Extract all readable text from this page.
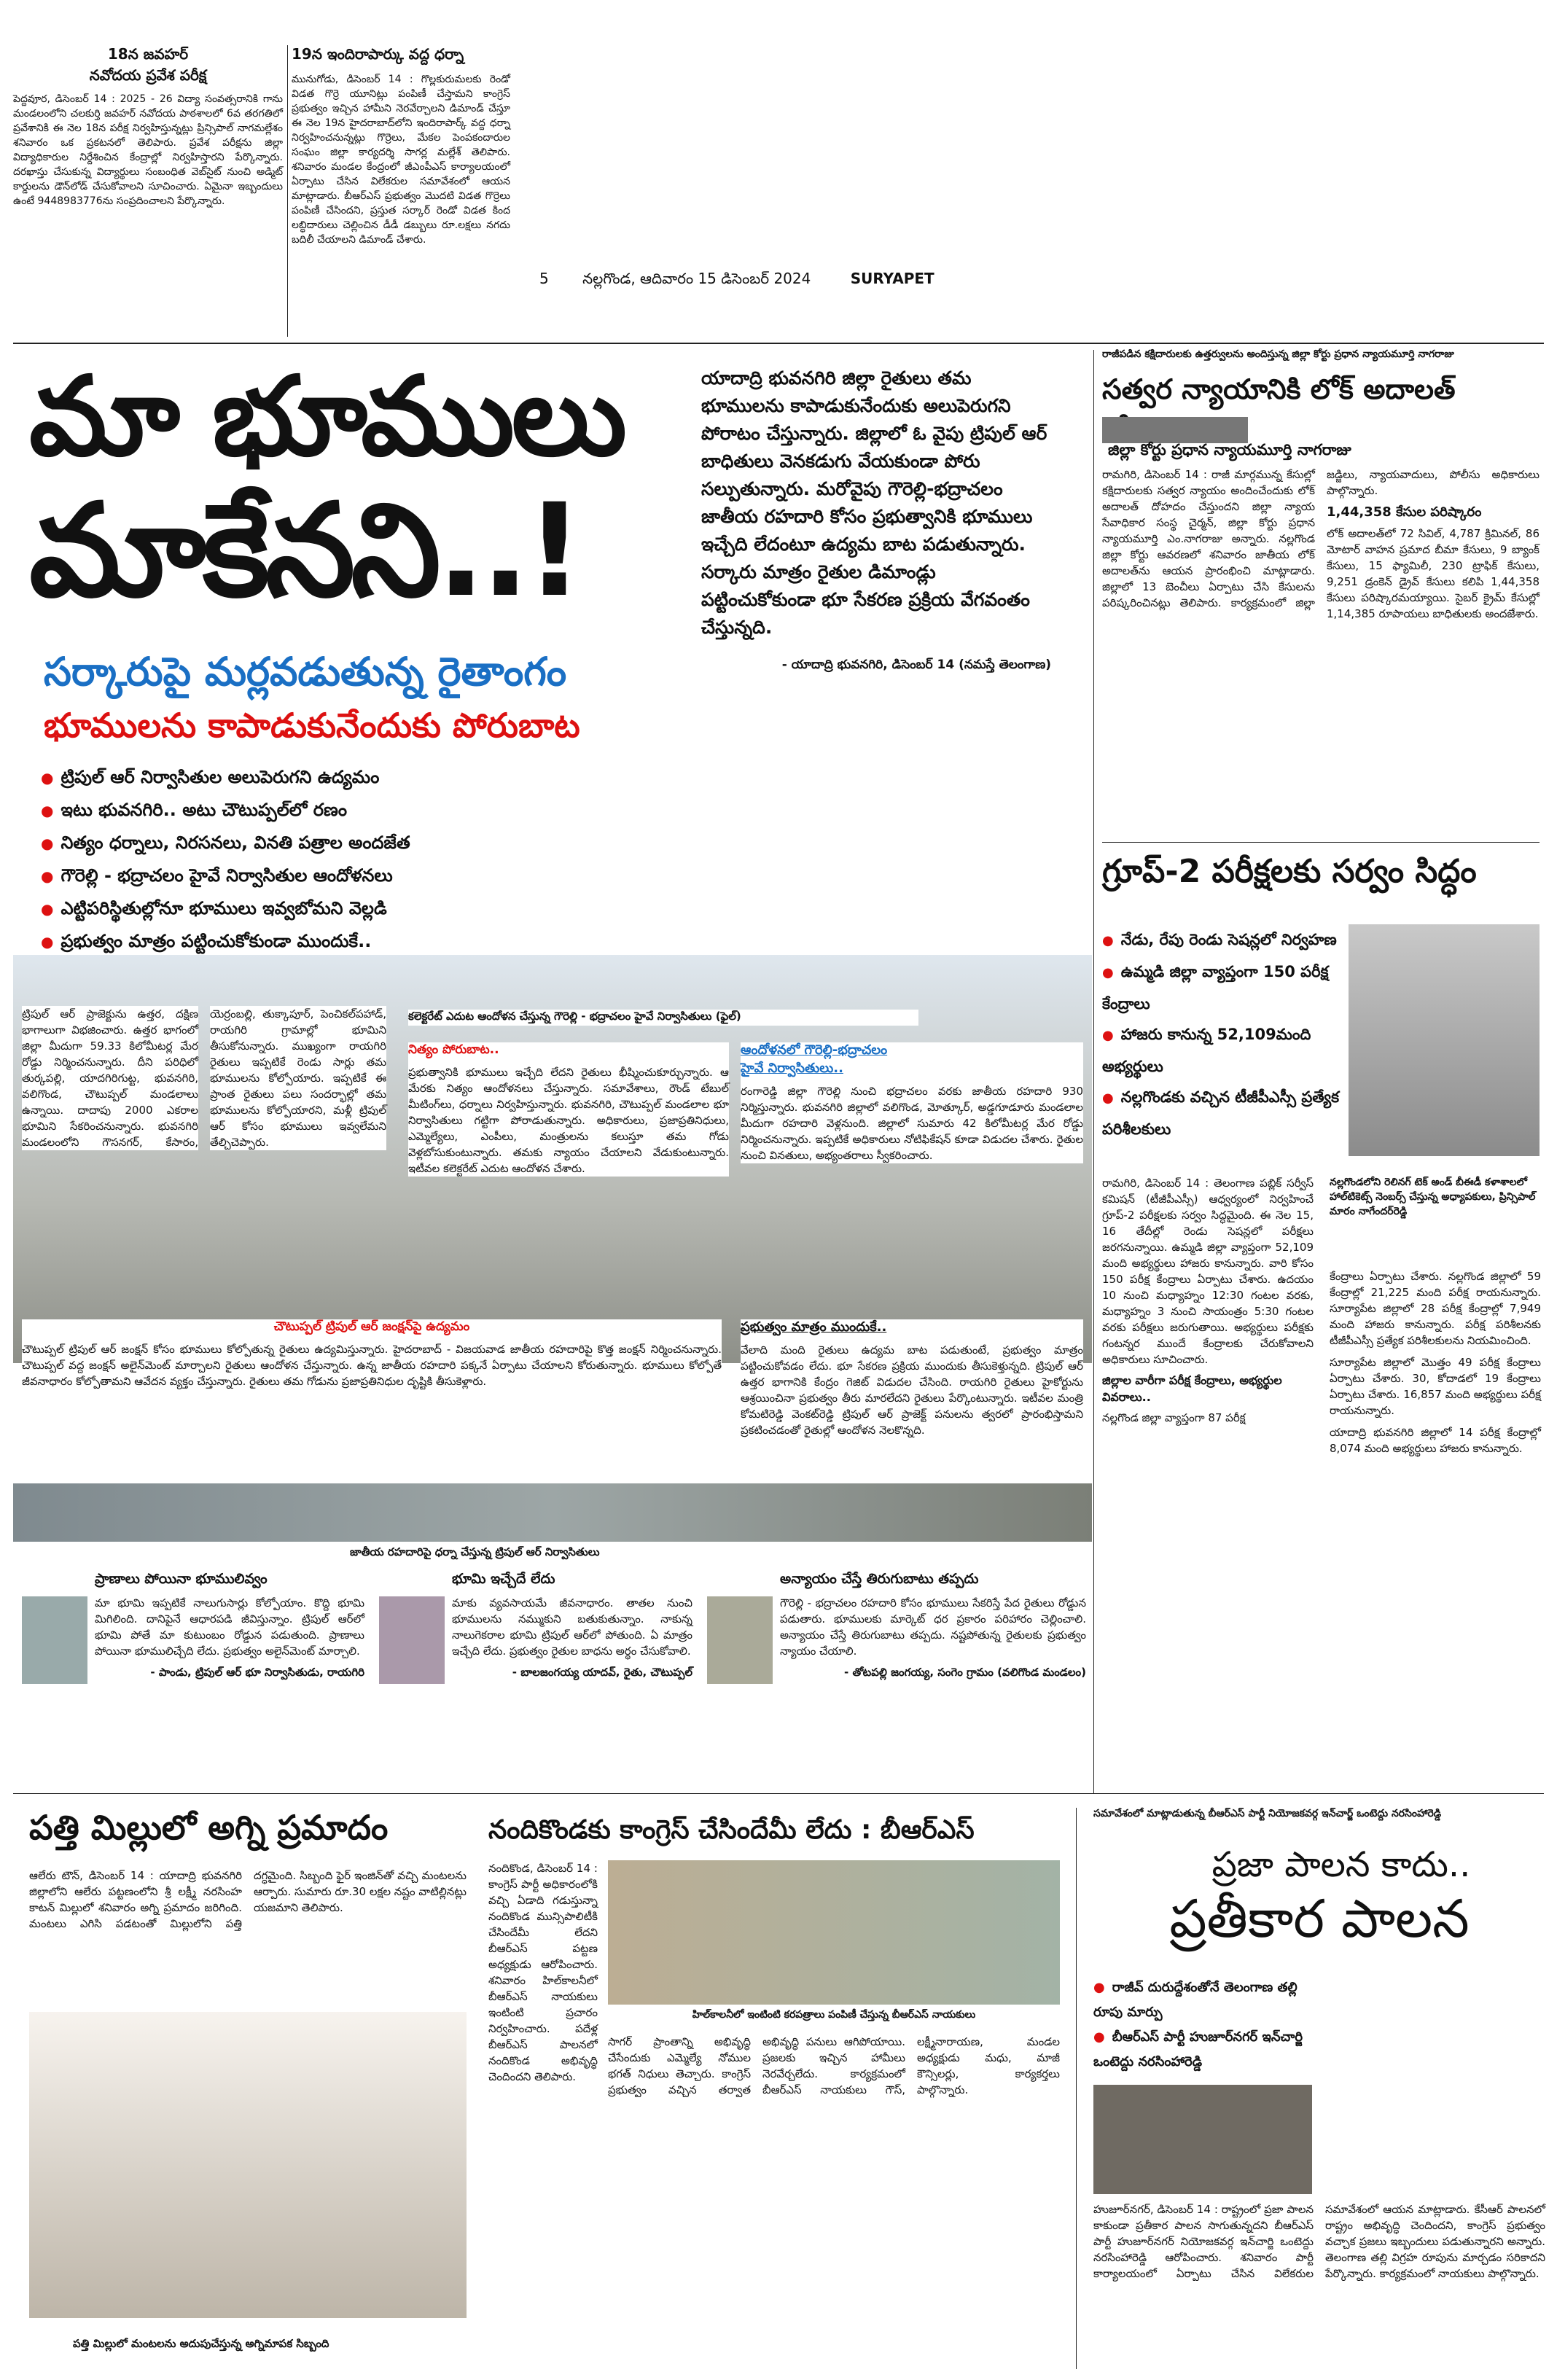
18న జవహర్

నవోదయ ప్రవేశ పరీక్ష

పెద్దవూర, డిసెంబర్ 14 : 2025 - 26 విద్యా సంవత్సరానికి గాను మండలంలోని చలకుర్తి జవహర్ నవోదయ పాఠశాలలో 6వ తరగతిలో ప్రవేశానికి ఈ నెల 18న పరీక్ష నిర్వహిస్తున్నట్లు ప్రిన్సిపాల్ నాగమల్లేశం శనివారం ఒక ప్రకటనలో తెలిపారు. ప్రవేశ పరీక్షను జిల్లా విద్యాధికారుల నిర్దేశించిన కేంద్రాల్లో నిర్వహిస్తారని పేర్కొన్నారు. దరఖాస్తు చేసుకున్న విద్యార్థులు సంబంధిత వెబ్‌సైట్ నుంచి అడ్మిట్ కార్డులను డౌన్‌లోడ్ చేసుకోవాలని సూచించారు. ఏమైనా ఇబ్బందులు ఉంటే 9448983776ను సంప్రదించాలని పేర్కొన్నారు.

19న ఇందిరాపార్కు వద్ద ధర్నా

మునుగోడు, డిసెంబర్ 14 : గొల్లకురుమలకు రెండో విడత గొర్రె యూనిట్లు పంపిణీ చేస్తామని కాంగ్రెస్ ప్రభుత్వం ఇచ్చిన హామీని నెరవేర్చాలని డిమాండ్ చేస్తూ ఈ నెల 19న హైదరాబాద్‌లోని ఇందిరాపార్క్ వద్ద ధర్నా నిర్వహించనున్నట్లు గొర్రెలు, మేకల పెంపకందారుల సంఘం జిల్లా కార్యదర్శి సాగర్ల మల్లేశ్ తెలిపారు. శనివారం మండల కేంద్రంలో జీఎంపీఎస్ కార్యాలయంలో ఏర్పాటు చేసిన విలేకరుల సమావేశంలో ఆయన మాట్లాడారు. బీఆర్ఎస్ ప్రభుత్వం మొదటి విడత గొర్రెలు పంపిణీ చేసిందని, ప్రస్తుత సర్కార్ రెండో విడత కింద లబ్ధిదారులు చెల్లించిన డీడీ డబ్బులు రూ.లక్షలు నగదు బదిలీ చేయాలని డిమాండ్ చేశారు.

5 నల్లగొండ, ఆదివారం 15 డిసెంబర్ 2024	SURYAPET
మా భూములు
మాకేనని..!
సర్కారుపై మర్లవడుతున్న రైతాంగం
భూములను కాపాడుకునేందుకు పోరుబాట
● ట్రిపుల్ ఆర్ నిర్వాసితుల అలుపెరుగని ఉద్యమం
● ఇటు భువనగిరి.. అటు చౌటుప్పల్‌లో రణం
● నిత్యం ధర్నాలు, నిరసనలు, వినతి పత్రాల అందజేత
● గౌరెల్లి - భద్రాచలం హైవే నిర్వాసితుల ఆందోళనలు
● ఎట్టిపరిస్థితుల్లోనూ భూములు ఇవ్వబోమని వెల్లడి
● ప్రభుత్వం మాత్రం పట్టించుకోకుండా ముందుకే..

యాదాద్రి భువనగిరి జిల్లా రైతులు తమ భూములను కాపాడుకునేందుకు అలుపెరుగని పోరాటం చేస్తున్నారు. జిల్లాలో ఓ వైపు ట్రిపుల్ ఆర్ బాధితులు వెనకడుగు వేయకుండా పోరు సల్పుతున్నారు. మరోవైపు గౌరెల్లి-భద్రాచలం జాతీయ రహదారి కోసం ప్రభుత్వానికి భూములు ఇచ్చేది లేదంటూ ఉద్యమ బాట పడుతున్నారు. సర్కారు మాత్రం రైతుల డిమాండ్లు పట్టించుకోకుండా భూ సేకరణ ప్రక్రియ వేగవంతం చేస్తున్నది.

- యాదాద్రి భువనగిరి, డిసెంబర్ 14 (నమస్తే తెలంగాణ)

ట్రిపుల్ ఆర్ ప్రాజెక్టును ఉత్తర, దక్షిణ భాగాలుగా విభజించారు. ఉత్తర భాగంలో జిల్లా మీదుగా 59.33 కిలోమీటర్ల మేర రోడ్డు నిర్మించనున్నారు. దీని పరిధిలో తుర్కపల్లి, యాదగిరిగుట్ట, భువనగిరి, వలిగొండ, చౌటుప్పల్ మండలాలు ఉన్నాయి. దాదాపు 2000 ఎకరాల భూమిని సేకరించనున్నారు. భువనగిరి మండలంలోని గౌసనగర్, కేసారం, యెర్రంబల్లి, తుక్కాపూర్, పెంచికల్‌పహాడ్, రాయగిరి గ్రామాల్లో భూమిని తీసుకోనున్నారు. ముఖ్యంగా రాయగిరి రైతులు ఇప్పటికే రెండు సార్లు తమ భూములను కోల్పోయారు. ఇప్పటికే ఈ ప్రాంత రైతులు పలు సందర్భాల్లో తమ భూములను కోల్పోయారని, మళ్లీ ట్రిపుల్ ఆర్ కోసం భూములు ఇవ్వలేమని తేల్చిచెప్పారు.

కలెక్టరేట్ ఎదుట ఆందోళన చేస్తున్న గౌరెల్లి - భద్రాచలం హైవే నిర్వాసితులు (ఫైల్)

నిత్యం పోరుబాట..

ప్రభుత్వానికి భూములు ఇచ్చేది లేదని రైతులు భీష్మించుకూర్చున్నారు. ఆ మేరకు నిత్యం ఆందోళనలు చేస్తున్నారు. సమావేశాలు, రౌండ్ టేబుల్ మీటింగ్‌లు, ధర్నాలు నిర్వహిస్తున్నారు. భువనగిరి, చౌటుప్పల్ మండలాల భూ నిర్వాసితులు గట్టిగా పోరాడుతున్నారు. అధికారులు, ప్రజాప్రతినిధులు, ఎమ్మెల్యేలు, ఎంపీలు, మంత్రులను కలుస్తూ తమ గోడు వెళ్లబోసుకుంటున్నారు. తమకు న్యాయం చేయాలని వేడుకుంటున్నారు. ఇటీవల కలెక్టరేట్ ఎదుట ఆందోళన చేశారు.

ఆందోళనలో గౌరెల్లి-భద్రాచలం

హైవే నిర్వాసితులు..

రంగారెడ్డి జిల్లా గౌరెల్లి నుంచి భద్రాచలం వరకు జాతీయ రహదారి 930 నిర్మిస్తున్నారు. భువనగిరి జిల్లాలో వలిగొండ, మోత్కూర్, అడ్డగూడూరు మండలాల మీదుగా రహదారి వెళ్లనుంది. జిల్లాలో సుమారు 42 కిలోమీటర్ల మేర రోడ్డు నిర్మించనున్నారు. ఇప్పటికే అధికారులు నోటిఫికేషన్ కూడా విడుదల చేశారు. రైతుల నుంచి వినతులు, అభ్యంతరాలు స్వీకరించారు.

చౌటుప్పల్ ట్రిపుల్ ఆర్ జంక్షన్‌పై ఉద్యమం

చౌటుప్పల్ ట్రిపుల్ ఆర్ జంక్షన్ కోసం భూములు కోల్పోతున్న రైతులు ఉద్యమిస్తున్నారు. హైదరాబాద్ - విజయవాడ జాతీయ రహదారిపై కొత్త జంక్షన్ నిర్మించనున్నారు. చౌటుప్పల్ వద్ద జంక్షన్ అలైన్‌మెంట్ మార్చాలని రైతులు ఆందోళన చేస్తున్నారు. ఉన్న జాతీయ రహదారి పక్కనే ఏర్పాటు చేయాలని కోరుతున్నారు. భూములు కోల్పోతే జీవనాధారం కోల్పోతామని ఆవేదన వ్యక్తం చేస్తున్నారు. రైతులు తమ గోడును ప్రజాప్రతినిధుల దృష్టికి తీసుకెళ్లారు.

ప్రభుత్వం మాత్రం ముందుకే..

వేలాది మంది రైతులు ఉద్యమ బాట పడుతుంటే, ప్రభుత్వం మాత్రం పట్టించుకోవడం లేదు. భూ సేకరణ ప్రక్రియ ముందుకు తీసుకెళ్తున్నది. ట్రిపుల్ ఆర్ ఉత్తర భాగానికి కేంద్రం గెజిట్ విడుదల చేసింది. రాయగిరి రైతులు హైకోర్టును ఆశ్రయించినా ప్రభుత్వం తీరు మారలేదని రైతులు పేర్కొంటున్నారు. ఇటీవల మంత్రి కోమటిరెడ్డి వెంకట్‌రెడ్డి ట్రిపుల్ ఆర్ ప్రాజెక్ట్ పనులను త్వరలో ప్రారంభిస్తామని ప్రకటించడంతో రైతుల్లో ఆందోళన నెలకొన్నది.

జాతీయ రహదారిపై ధర్నా చేస్తున్న ట్రిపుల్ ఆర్ నిర్వాసితులు

ప్రాణాలు పోయినా భూములివ్వం

మా భూమి ఇప్పటికే నాలుగుసార్లు కోల్పోయాం. కొద్ది భూమి మిగిలింది. దానిపైనే ఆధారపడి జీవిస్తున్నాం. ట్రిపుల్ ఆర్‌లో భూమి పోతే మా కుటుంబం రోడ్డున పడుతుంది. ప్రాణాలు పోయినా భూములిచ్చేది లేదు. ప్రభుత్వం అలైన్‌మెంట్ మార్చాలి.

- పాండు, ట్రిపుల్ ఆర్ భూ నిర్వాసితుడు, రాయగిరి

భూమి ఇచ్చేదే లేదు

మాకు వ్యవసాయమే జీవనాధారం. తాతల నుంచి భూములను నమ్ముకుని బతుకుతున్నాం. నాకున్న నాలుగెకరాల భూమి ట్రిపుల్ ఆర్‌లో పోతుంది. ఏ మాత్రం ఇచ్చేది లేదు. ప్రభుత్వం రైతుల బాధను అర్థం చేసుకోవాలి.

- బాలజంగయ్య యాదవ్, రైతు, చౌటుప్పల్

అన్యాయం చేస్తే తిరుగుబాటు తప్పదు

గౌరెల్లి - భద్రాచలం రహదారి కోసం భూములు సేకరిస్తే పేద రైతులు రోడ్డున పడుతారు. భూములకు మార్కెట్ ధర ప్రకారం పరిహారం చెల్లించాలి. అన్యాయం చేస్తే తిరుగుబాటు తప్పదు. నష్టపోతున్న రైతులకు ప్రభుత్వం న్యాయం చేయాలి.

- తోటపల్లి జంగయ్య, సంగెం గ్రామం (వలిగొండ మండలం)

రాజీపడిన కక్షిదారులకు ఉత్తర్వులను అందిస్తున్న జిల్లా కోర్టు ప్రధాన న్యాయమూర్తి నాగరాజు
సత్వర న్యాయానికి లోక్ అదాలత్
జిల్లా కోర్టు ప్రధాన న్యాయమూర్తి నాగరాజు

రామగిరి, డిసెంబర్ 14 : రాజీ మార్గమున్న కేసుల్లో కక్షిదారులకు సత్వర న్యాయం అందించేందుకు లోక్ అదాలత్ దోహదం చేస్తుందని జిల్లా న్యాయ సేవాధికార సంస్థ చైర్మన్, జిల్లా కోర్టు ప్రధాన న్యాయమూర్తి ఎం.నాగరాజు అన్నారు. నల్లగొండ జిల్లా కోర్టు ఆవరణలో శనివారం జాతీయ లోక్ అదాలత్‌ను ఆయన ప్రారంభించి మాట్లాడారు. జిల్లాలో 13 బెంచీలు ఏర్పాటు చేసి కేసులను పరిష్కరించినట్లు తెలిపారు. కార్యక్రమంలో జిల్లా జడ్జిలు, న్యాయవాదులు, పోలీసు అధికారులు పాల్గొన్నారు.

1,44,358 కేసుల పరిష్కారం

లోక్ అదాలత్‌లో 72 సివిల్, 4,787 క్రిమినల్, 86 మోటార్ వాహన ప్రమాద బీమా కేసులు, 9 బ్యాంక్ కేసులు, 15 ఫ్యామిలీ, 230 ట్రాఫిక్ కేసులు, 9,251 డ్రంకెన్ డ్రైవ్ కేసులు కలిపి 1,44,358 కేసులు పరిష్కారమయ్యాయి. సైబర్ క్రైమ్ కేసుల్లో 1,14,385 రూపాయలు బాధితులకు అందజేశారు.

గ్రూప్-2 పరీక్షలకు సర్వం సిద్ధం
● నేడు, రేపు రెండు సెషన్లలో నిర్వహణ
● ఉమ్మడి జిల్లా వ్యాప్తంగా 150 పరీక్ష కేంద్రాలు
● హాజరు కానున్న 52,109మంది అభ్యర్థులు
● నల్లగొండకు వచ్చిన టీజీపీఎస్సీ ప్రత్యేక పరిశీలకులు

రామగిరి, డిసెంబర్ 14 : తెలంగాణ పబ్లిక్ సర్వీస్ కమిషన్ (టీజీపీఎస్సీ) ఆధ్వర్యంలో నిర్వహించే గ్రూప్-2 పరీక్షలకు సర్వం సిద్ధమైంది. ఈ నెల 15, 16 తేదీల్లో రెండు సెషన్లలో పరీక్షలు జరగనున్నాయి. ఉమ్మడి జిల్లా వ్యాప్తంగా 52,109 మంది అభ్యర్థులు హాజరు కానున్నారు. వారి కోసం 150 పరీక్ష కేంద్రాలు ఏర్పాటు చేశారు. ఉదయం 10 నుంచి మధ్యాహ్నం 12:30 గంటల వరకు, మధ్యాహ్నం 3 నుంచి సాయంత్రం 5:30 గంటల వరకు పరీక్షలు జరుగుతాయి. అభ్యర్థులు పరీక్షకు గంటన్నర ముందే కేంద్రాలకు చేరుకోవాలని అధికారులు సూచించారు.

జిల్లాల వారీగా పరీక్ష కేంద్రాలు, అభ్యర్థుల వివరాలు..

నల్లగొండ జిల్లా వ్యాప్తంగా 87 పరీక్ష

నల్లగొండలోని రెలినగ్ టెక్ అండ్ బీఈడీ కళాశాలలో హాల్‌టికెట్స్ నెంబర్స్ చేస్తున్న అధ్యాపకులు, ప్రిన్సిపాల్ మారం నాగేందర్‌రెడ్డి

కేంద్రాలు ఏర్పాటు చేశారు. నల్లగొండ జిల్లాలో 59 కేంద్రాల్లో 21,225 మంది పరీక్ష రాయనున్నారు. సూర్యాపేట జిల్లాలో 28 పరీక్ష కేంద్రాల్లో 7,949 మంది హాజరు కానున్నారు. పరీక్ష పరిశీలనకు టీజీపీఎస్సీ ప్రత్యేక పరిశీలకులను నియమించింది.

సూర్యాపేట జిల్లాలో మొత్తం 49 పరీక్ష కేంద్రాలు ఏర్పాటు చేశారు. 30, కోదాడలో 19 కేంద్రాలు ఏర్పాటు చేశారు. 16,857 మంది అభ్యర్థులు పరీక్ష రాయనున్నారు.

యాదాద్రి భువనగిరి జిల్లాలో 14 పరీక్ష కేంద్రాల్లో 8,074 మంది అభ్యర్థులు హాజరు కానున్నారు.

సమావేశంలో మాట్లాడుతున్న బీఆర్ఎస్ పార్టీ నియోజకవర్గ ఇన్‌చార్జ్ ఒంటెద్దు నరసింహారెడ్డి
పత్తి మిల్లులో అగ్ని ప్రమాదం

ఆలేరు టౌన్, డిసెంబర్ 14 : యాదాద్రి భువనగిరి జిల్లాలోని ఆలేరు పట్టణంలోని శ్రీ లక్ష్మీ నరసింహ కాటన్ మిల్లులో శనివారం అగ్ని ప్రమాదం జరిగింది. మంటలు ఎగిసి పడటంతో మిల్లులోని పత్తి దగ్ధమైంది. సిబ్బంది ఫైర్ ఇంజిన్‌తో వచ్చి మంటలను ఆర్పారు. సుమారు రూ.30 లక్షల నష్టం వాటిల్లినట్లు యజమాని తెలిపారు.

పత్తి మిల్లులో మంటలను అదుపుచేస్తున్న అగ్నిమాపక సిబ్బంది
నందికొండకు కాంగ్రెస్ చేసిందేమీ లేదు : బీఆర్ఎస్

నందికొండ, డిసెంబర్ 14 : కాంగ్రెస్ పార్టీ అధికారంలోకి వచ్చి ఏడాది గడుస్తున్నా నందికొండ మున్సిపాలిటీకి చేసిందేమీ లేదని బీఆర్ఎస్ పట్టణ అధ్యక్షుడు ఆరోపించారు. శనివారం హిల్‌కాలనీలో బీఆర్ఎస్ నాయకులు ఇంటింటి ప్రచారం నిర్వహించారు. పదేళ్ల బీఆర్ఎస్ పాలనలో నందికొండ అభివృద్ధి చెందిందని తెలిపారు.

హిల్‌కాలనీలో ఇంటింటి కరపత్రాలు పంపిణీ చేస్తున్న బీఆర్ఎస్ నాయకులు

సాగర్ ప్రాంతాన్ని అభివృద్ధి చేసేందుకు ఎమ్మెల్యే నోముల భగత్ నిధులు తెచ్చారు. కాంగ్రెస్ ప్రభుత్వం వచ్చిన తర్వాత అభివృద్ధి పనులు ఆగిపోయాయి. ప్రజలకు ఇచ్చిన హామీలు నెరవేర్చలేదు. కార్యక్రమంలో బీఆర్ఎస్ నాయకులు గౌస్, లక్ష్మీనారాయణ, మండల అధ్యక్షుడు మధు, మాజీ కౌన్సిలర్లు, కార్యకర్తలు పాల్గొన్నారు.

ప్రజా పాలన కాదు..
ప్రతీకార పాలన
● రాజీవ్ దురుద్దేశంతోనే తెలంగాణ తల్లి రూపు మార్పు
● బీఆర్ఎస్ పార్టీ హుజూర్‌నగర్ ఇన్‌చార్జి ఒంటెద్దు నరసింహారెడ్డి

హుజూర్‌నగర్, డిసెంబర్ 14 : రాష్ట్రంలో ప్రజా పాలన కాకుండా ప్రతీకార పాలన సాగుతున్నదని బీఆర్ఎస్ పార్టీ హుజూర్‌నగర్ నియోజకవర్గ ఇన్‌చార్జి ఒంటెద్దు నరసింహారెడ్డి ఆరోపించారు. శనివారం పార్టీ కార్యాలయంలో ఏర్పాటు చేసిన విలేకరుల సమావేశంలో ఆయన మాట్లాడారు. కేసీఆర్ పాలనలో రాష్ట్రం అభివృద్ధి చెందిందని, కాంగ్రెస్ ప్రభుత్వం వచ్చాక ప్రజలు ఇబ్బందులు పడుతున్నారని అన్నారు. తెలంగాణ తల్లి విగ్రహ రూపును మార్చడం సరికాదని పేర్కొన్నారు. కార్యక్రమంలో నాయకులు పాల్గొన్నారు.
